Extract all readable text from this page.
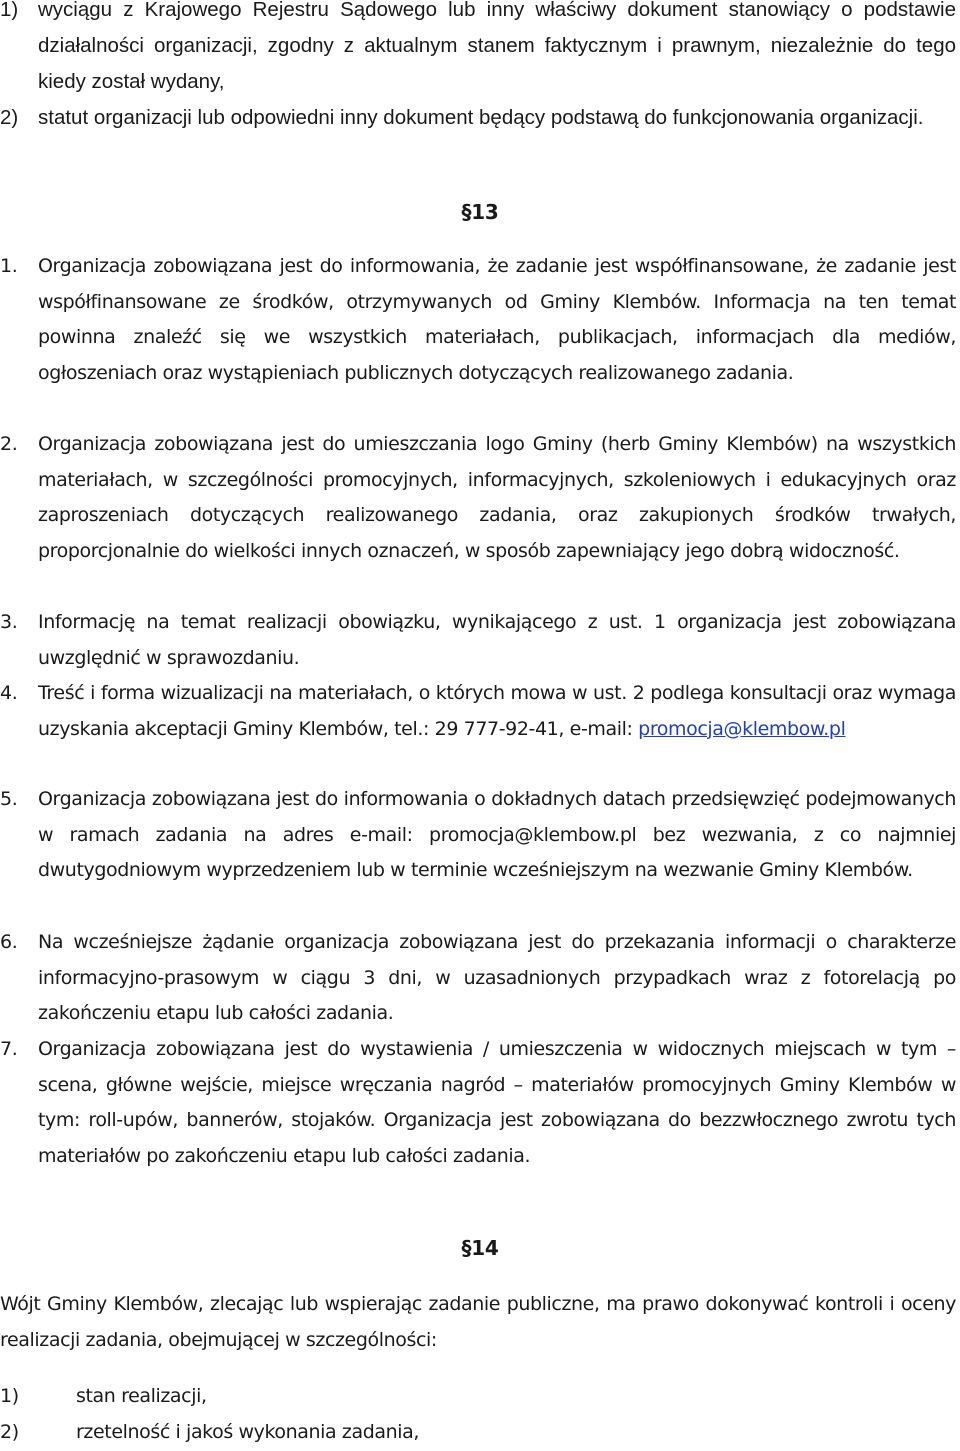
1) wyciągu z Krajowego Rejestru Sądowego lub inny właściwy dokument stanowiący o podstawie działalności organizacji, zgodny z aktualnym stanem faktycznym i prawnym, niezależnie do tego kiedy został wydany,
2) statut organizacji lub odpowiedni inny dokument będący podstawą do funkcjonowania organizacji.
§13
1.	Organizacja zobowiązana jest do informowania, że zadanie jest współfinansowane, że zadanie jest współfinansowane ze środków, otrzymywanych od Gminy Klembów. Informacja na ten temat powinna znaleźć się we wszystkich materiałach, publikacjach, informacjach dla mediów, ogłoszeniach oraz wystąpieniach publicznych dotyczących realizowanego zadania.
2.	Organizacja zobowiązana jest do umieszczania logo Gminy (herb Gminy Klembów) na wszystkich materiałach, w szczególności promocyjnych, informacyjnych, szkoleniowych i edukacyjnych oraz zaproszeniach dotyczących realizowanego zadania, oraz zakupionych środków trwałych, proporcjonalnie do wielkości innych oznaczeń, w sposób zapewniający jego dobrą widoczność.
3.	Informację na temat realizacji obowiązku, wynikającego z ust. 1 organizacja jest zobowiązana uwzględnić w sprawozdaniu.
4.	Treść i forma wizualizacji na materiałach, o których mowa w ust. 2 podlega konsultacji oraz wymaga uzyskania akceptacji Gminy Klembów, tel.: 29 777-92-41, e-mail: promocja@klembow.pl
5.	Organizacja zobowiązana jest do informowania o dokładnych datach przedsięwzięć podejmowanych w ramach zadania na adres e-mail: promocja@klembow.pl bez wezwania, z co najmniej dwutygodniowym wyprzedzeniem lub w terminie wcześniejszym na wezwanie Gminy Klembów.
6.	Na wcześniejsze żądanie organizacja zobowiązana jest do przekazania informacji o charakterze informacyjno-prasowym w ciągu 3 dni, w uzasadnionych przypadkach wraz z fotorelacją po zakończeniu etapu lub całości zadania.
7.	Organizacja zobowiązana jest do wystawienia / umieszczenia w widocznych miejscach w tym – scena, główne wejście, miejsce wręczania nagród – materiałów promocyjnych Gminy Klembów w tym: roll-upów, bannerów, stojaków. Organizacja jest zobowiązana do bezzwłocznego zwrotu tych materiałów po zakończeniu etapu lub całości zadania.
§14
Wójt Gminy Klembów, zlecając lub wspierając zadanie publiczne, ma prawo dokonywać kontroli i oceny realizacji zadania, obejmującej w szczególności:
1)	stan realizacji,
2)	rzetelność i jakoś wykonania zadania,
